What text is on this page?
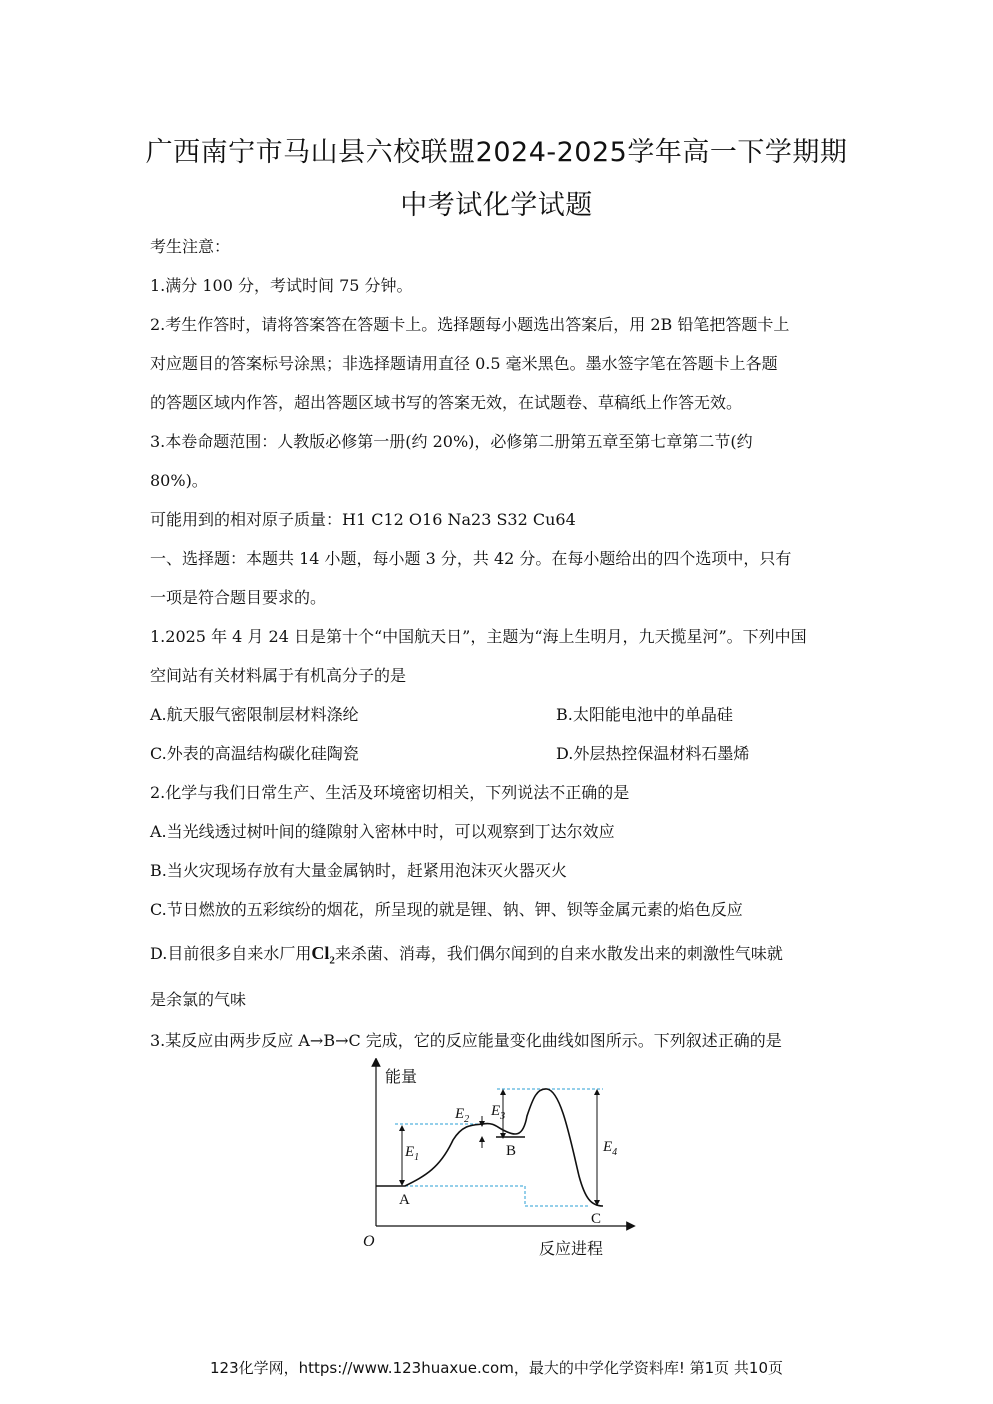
广西南宁市马山县六校联盟2024-2025学年高一下学期期
中考试化学试题
考生注意：
1.满分 100 分，考试时间 75 分钟。
2.考生作答时，请将答案答在答题卡上。选择题每小题选出答案后，用 2B 铅笔把答题卡上
对应题目的答案标号涂黑；非选择题请用直径 0.5 毫米黑色。墨水签字笔在答题卡上各题
的答题区域内作答，超出答题区域书写的答案无效，在试题卷、草稿纸上作答无效。
3.本卷命题范围：人教版必修第一册(约 20%)，必修第二册第五章至第七章第二节(约
80%)。
可能用到的相对原子质量：H1 C12 O16 Na23 S32 Cu64
一、选择题：本题共 14 小题，每小题 3 分，共 42 分。在每小题给出的四个选项中，只有
一项是符合题目要求的。
1.2025 年 4 月 24 日是第十个“中国航天日”，主题为“海上生明月，九天揽星河”。下列中国
空间站有关材料属于有机高分子的是
A.航天服气密限制层材料涤纶	B.太阳能电池中的单晶硅
C.外表的高温结构碳化硅陶瓷	D.外层热控保温材料石墨烯
2.化学与我们日常生产、生活及环境密切相关，下列说法不正确的是
A.当光线透过树叶间的缝隙射入密林中时，可以观察到丁达尔效应
B.当火灾现场存放有大量金属钠时，赶紧用泡沫灭火器灭火
C.节日燃放的五彩缤纷的烟花，所呈现的就是锂、钠、钾、钡等金属元素的焰色反应
D.目前很多自来水厂用$Cl_2$来杀菌、消毒，我们偶尔闻到的自来水散发出来的刺激性气味就
是余氯的气味
3.某反应由两步反应 A→B→C 完成，它的反应能量变化曲线如图所示。下列叙述正确的是
能量
反应进程
O
$E_1$
$E_2$
$E_3$
$E_4$
A
B
C
123化学网，https://www.123huaxue.com，最大的中学化学资料库! 第1页 共10页
